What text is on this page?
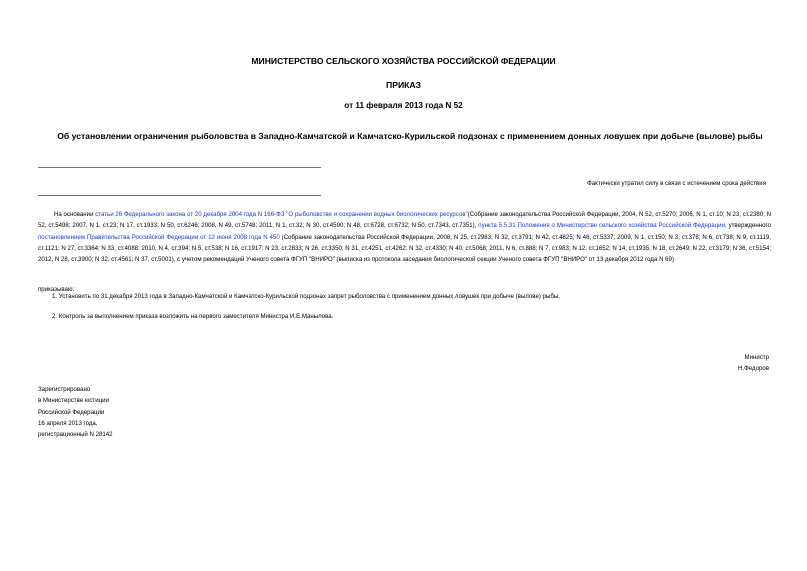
МИНИСТЕРСТВО СЕЛЬСКОГО ХОЗЯЙСТВА РОССИЙСКОЙ ФЕДЕРАЦИИ
ПРИКАЗ
от 11 февраля 2013 года N 52
Об установлении ограничения рыболовства в Западно-Камчатской и Камчатско-Курильской подзонах с применением донных ловушек при добыче (вылове) рыбы
Фактически утратил силу в связи с истечением срока действия
На основании статьи 26 Федерального закона от 20 декабря 2004 года N 166-ФЗ "О рыболовстве и сохранении водных биологических ресурсов"(Собрание законодательства Российской Федерации, 2004, N 52, ст.5270; 2006, N 1, ст.10; N 23, ст.2380; N 52, ст.5498; 2007, N 1, ст.23; N 17, ст.1933; N 50, ст.6246; 2008, N 49, ст.5748; 2011, N 1, ст.32; N 30, ст.4590; N 48, ст.6728, ст.6732; N 50, ст.7343, ст.7351), пункта 5.5.31 Положения о Министерстве сельского хозяйства Российской Федерации, утвержденного постановлением Правительства Российской Федерации от 12 июня 2008 года N 450 (Собрание законодательства Российской Федерации, 2008, N 25, ст.2983; N 32, ст.3791; N 42, ст.4825; N 46, ст.5337; 2009, N 1, ст.150; N 3, ст.378; N 6, ст.738; N 9, ст.1119, ст.1121; N 27, ст.3364; N 33, ст.4088; 2010, N 4, ст.394; N 5, ст.538; N 16, ст.1917; N 23, ст.2833; N 26, ст.3350; N 31, ст.4251, ст.4262; N 32, ст.4330; N 40, ст.5068; 2011, N 6, ст.888; N 7, ст.983; N 12, ст.1652; N 14, ст.1935; N 18, ст.2649; N 22, ст.3179; N 36, ст.5154; 2012, N 28, ст.3900; N 32, ст.4561; N 37, ст.5001), с учетом рекомендаций Ученого совета ФГУП "ВНИРО" (выписка из протокола заседания биологической секции Ученого совета ФГУП "ВНИРО" от 13 декабря 2012 года N 69)
приказываю:
1. Установить по 31 декабря 2013 года в Западно-Камчатской и Камчатско-Курильской подзонах запрет рыболовства с применением донных ловушек при добыче (вылове) рыбы.
2. Контроль за выполнением приказа возложить на первого заместителя Министра И.Е.Манылова.
Министр
Н.Федоров
Зарегистрировано
в Министерстве юстиции
Российской Федерации
16 апреля 2013 года,
регистрационный N 28142
